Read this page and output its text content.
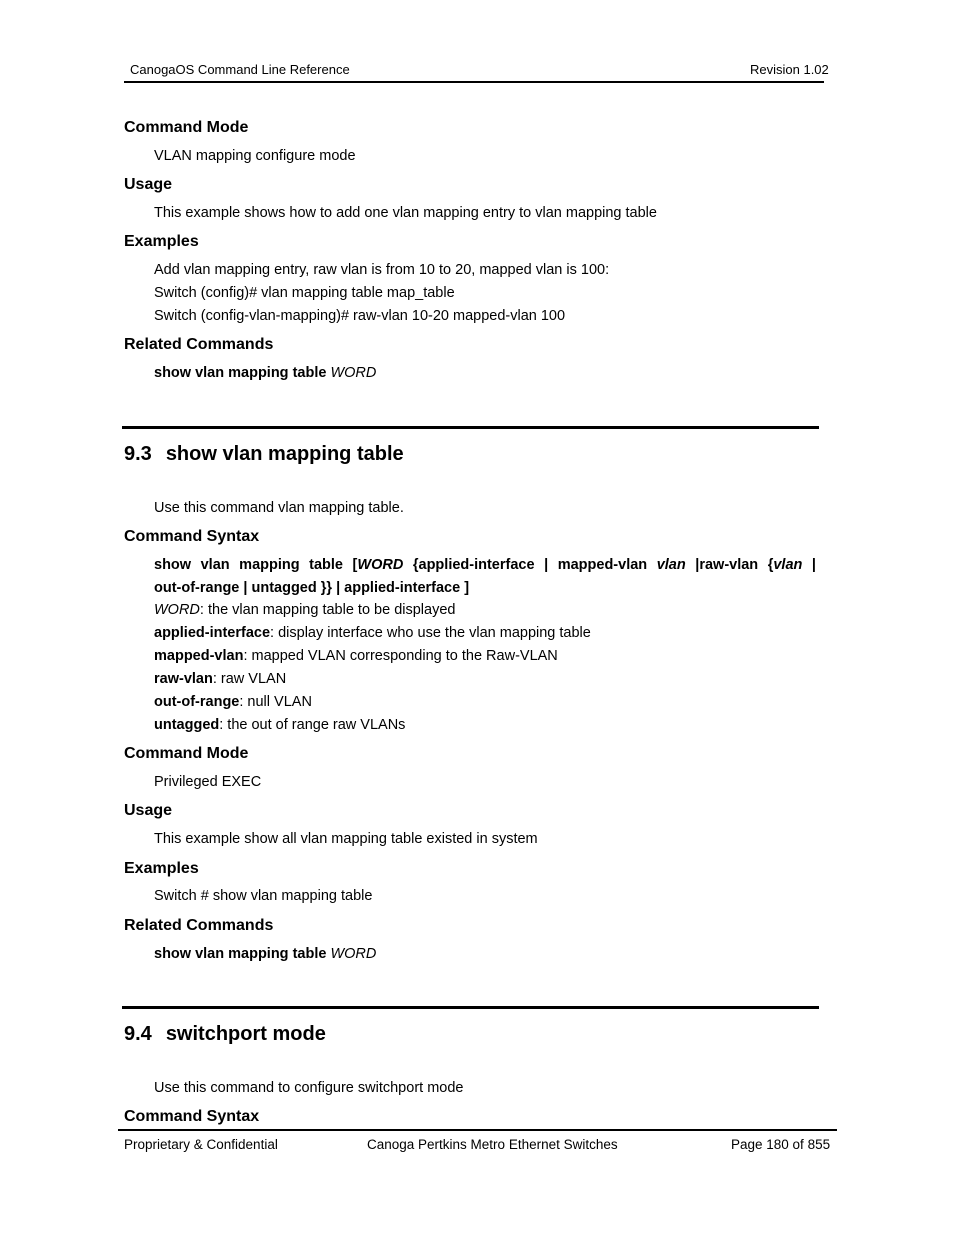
CanogaOS Command Line Reference	Revision 1.02
Command Mode
VLAN mapping configure mode
Usage
This example shows how to add one vlan mapping entry to vlan mapping table
Examples
Add vlan mapping entry, raw vlan is from 10 to 20, mapped vlan is 100:
Switch (config)# vlan mapping table map_table
Switch (config-vlan-mapping)# raw-vlan 10-20 mapped-vlan 100
Related Commands
show vlan mapping table WORD
9.3 show vlan mapping table
Use this command vlan mapping table.
Command Syntax
show vlan mapping table [WORD {applied-interface | mapped-vlan vlan |raw-vlan {vlan |
out-of-range | untagged }} | applied-interface ]
WORD: the vlan mapping table to be displayed
applied-interface: display interface who use the vlan mapping table
mapped-vlan: mapped VLAN corresponding to the Raw-VLAN
raw-vlan: raw VLAN
out-of-range: null VLAN
untagged: the out of range raw VLANs
Command Mode
Privileged EXEC
Usage
This example show all vlan mapping table existed in system
Examples
Switch # show vlan mapping table
Related Commands
show vlan mapping table WORD
9.4 switchport mode
Use this command to configure switchport mode
Command Syntax
Proprietary & Confidential	Canoga Pertkins Metro Ethernet Switches	Page 180 of 855
